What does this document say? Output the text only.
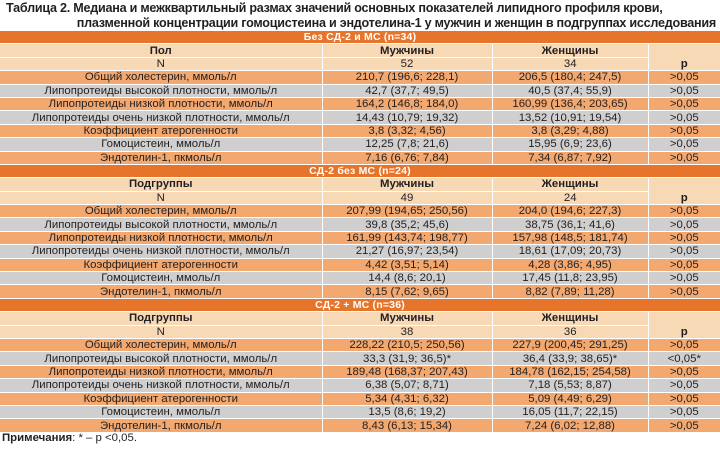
Таблица 2. Медиана и межквартильный размах значений основных показателей липидного профиля крови,
плазменной концентрации гомоцистеина и эндотелина-1 у мужчин и женщин в подгруппах исследования
Без СД-2 и МС (n=34)			
Пол	Мужчины	Женщины	p
N	52	34	
Общий холестерин, ммоль/л	210,7 (196,6; 228,1)	206,5 (180,4; 247,5)	>0,05
Липопротеиды высокой плотности, ммоль/л	42,7 (37,7; 49,5)	40,5 (37,4; 55,9)	>0,05
Липопротеиды низкой плотности, ммоль/л	164,2 (146,8; 184,0)	160,99 (136,4; 203,65)	>0,05
Липопротеиды очень низкой плотности, ммоль/л	14,43 (10,79; 19,32)	13,52 (10,91; 19,54)	>0,05
Коэффициент атерогенности	3,8 (3,32; 4,56)	3,8 (3,29; 4,88)	>0,05
Гомоцистеин, ммоль/л	12,25 (7,8; 21,6)	15,95 (6,9; 23,6)	>0,05
Эндотелин-1, пкмоль/л	7,16 (6,76; 7,84)	7,34 (6,87; 7,92)	>0,05
СД-2 без МС (n=24)			
Подгруппы	Мужчины	Женщины	p
N	49	24	
Общий холестерин, ммоль/л	207,99 (194,65; 250,56)	204,0 (194,6; 227,3)	>0,05
Липопротеиды высокой плотности, ммоль/л	39,8 (35,2; 45,6)	38,75 (36,1; 41,6)	>0,05
Липопротеиды низкой плотности, ммоль/л	161,99 (143,74; 198,77)	157,98 (148,5; 181,74)	>0,05
Липопротеиды очень низкой плотности, ммоль/л	21,27 (16,97; 23,54)	18,61 (17,09; 20,73)	>0,05
Коэффициент атерогенности	4,42 (3,51; 5,14)	4,28 (3,86; 4,95)	>0,05
Гомоцистеин, ммоль/л	14,4 (8,6; 20,1)	17,45 (11,8; 23,95)	>0,05
Эндотелин-1, пкмоль/л	8,15 (7,62; 9,65)	8,82 (7,89; 11,28)	>0,05
СД-2 + МС (n=36)			
Подгруппы	Мужчины	Женщины	p
N	38	36	
Общий холестерин, ммоль/л	228,22 (210,5; 250,56)	227,9 (200,45; 291,25)	>0,05
Липопротеиды высокой плотности, ммоль/л	33,3 (31,9; 36,5)*	36,4 (33,9; 38,65)*	<0,05*
Липопротеиды низкой плотности, ммоль/л	189,48 (168,37; 207,43)	184,78 (162,15; 254,58)	>0,05
Липопротеиды очень низкой плотности, ммоль/л	6,38 (5,07; 8,71)	7,18 (5,53; 8,87)	>0,05
Коэффициент атерогенности	5,34 (4,31; 6,32)	5,09 (4,49; 6,29)	>0,05
Гомоцистеин, ммоль/л	13,5 (8,6; 19,2)	16,05 (11,7; 22,15)	>0,05
Эндотелин-1, пкмоль/л	8,43 (6,13; 15,34)	7,24 (6,02; 12,88)	>0,05
Примечания: * – p <0,05.
